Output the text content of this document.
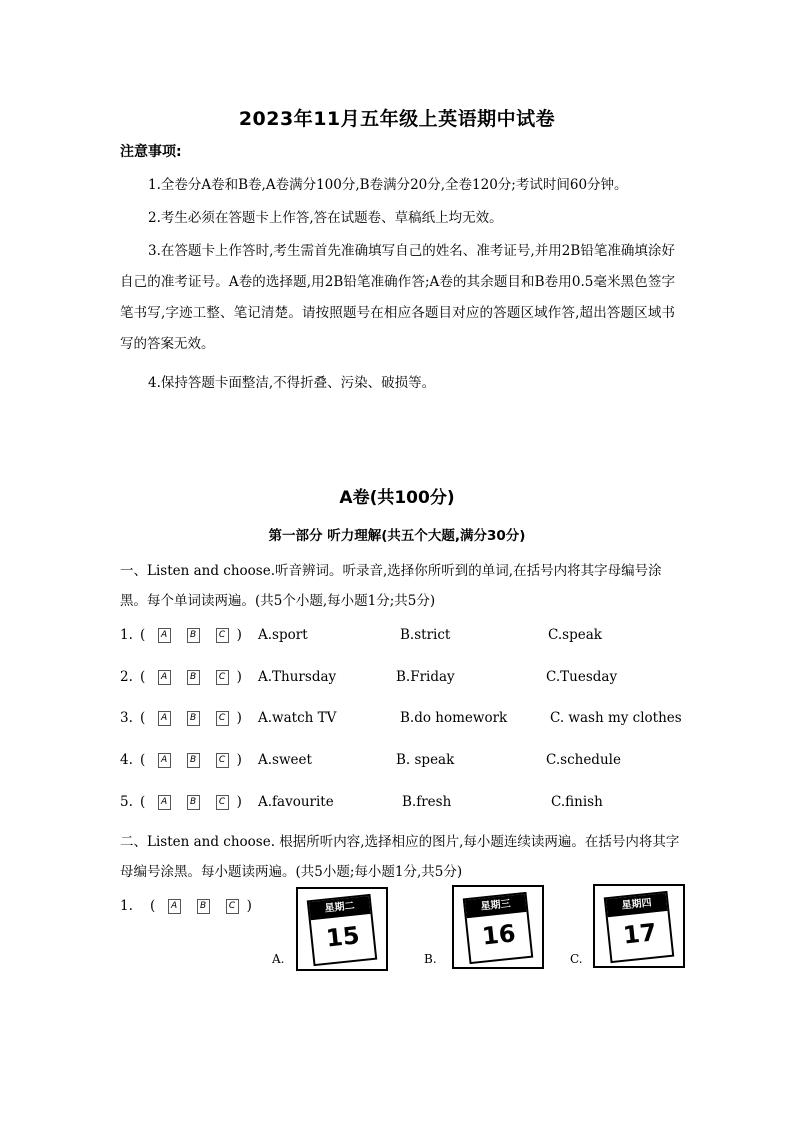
2023年11月五年级上英语期中试卷
注意事项:

1.全卷分A卷和B卷,A卷满分100分,B卷满分20分,全卷120分;考试时间60分钟。

2.考生必须在答题卡上作答,答在试题卷、草稿纸上均无效。

3.在答题卡上作答时,考生需首先准确填写自己的姓名、准考证号,并用2B铅笔准确填涂好自己的准考证号。A卷的选择题,用2B铅笔准确作答;A卷的其余题目和B卷用0.5毫米黑色签字笔书写,字迹工整、笔记清楚。请按照题号在相应各题目对应的答题区域作答,超出答题区域书写的答案无效。

4.保持答题卡面整洁,不得折叠、污染、破损等。

A卷(共100分)
第一部分 听力理解(共五个大题,满分30分)
一、Listen and choose.听音辨词。听录音,选择你所听到的单词,在括号内将其字母编号涂黑。每个单词读两遍。(共5个小题,每小题1分;共5分)
1. ( A	B	C ) A.sport	B.strict	C.speak
2. ( A	B	C ) A.Thursday	B.Friday	C.Tuesday
3. ( A	B	C ) A.watch TV	B.do homework	C. wash my clothes
4. ( A	B	C ) A.sweet	B. speak	C.schedule
5. ( A	B	C ) A.favourite	B.fresh	C.finish
二、Listen and choose. 根据所听内容,选择相应的图片,每小题连续读两遍。在括号内将其字母编号涂黑。每小题读两遍。(共5小题;每小题1分,共5分)
1. ( A	B	C )
A.
星期二
15
B.
星期三
16
C.
星期四
17
